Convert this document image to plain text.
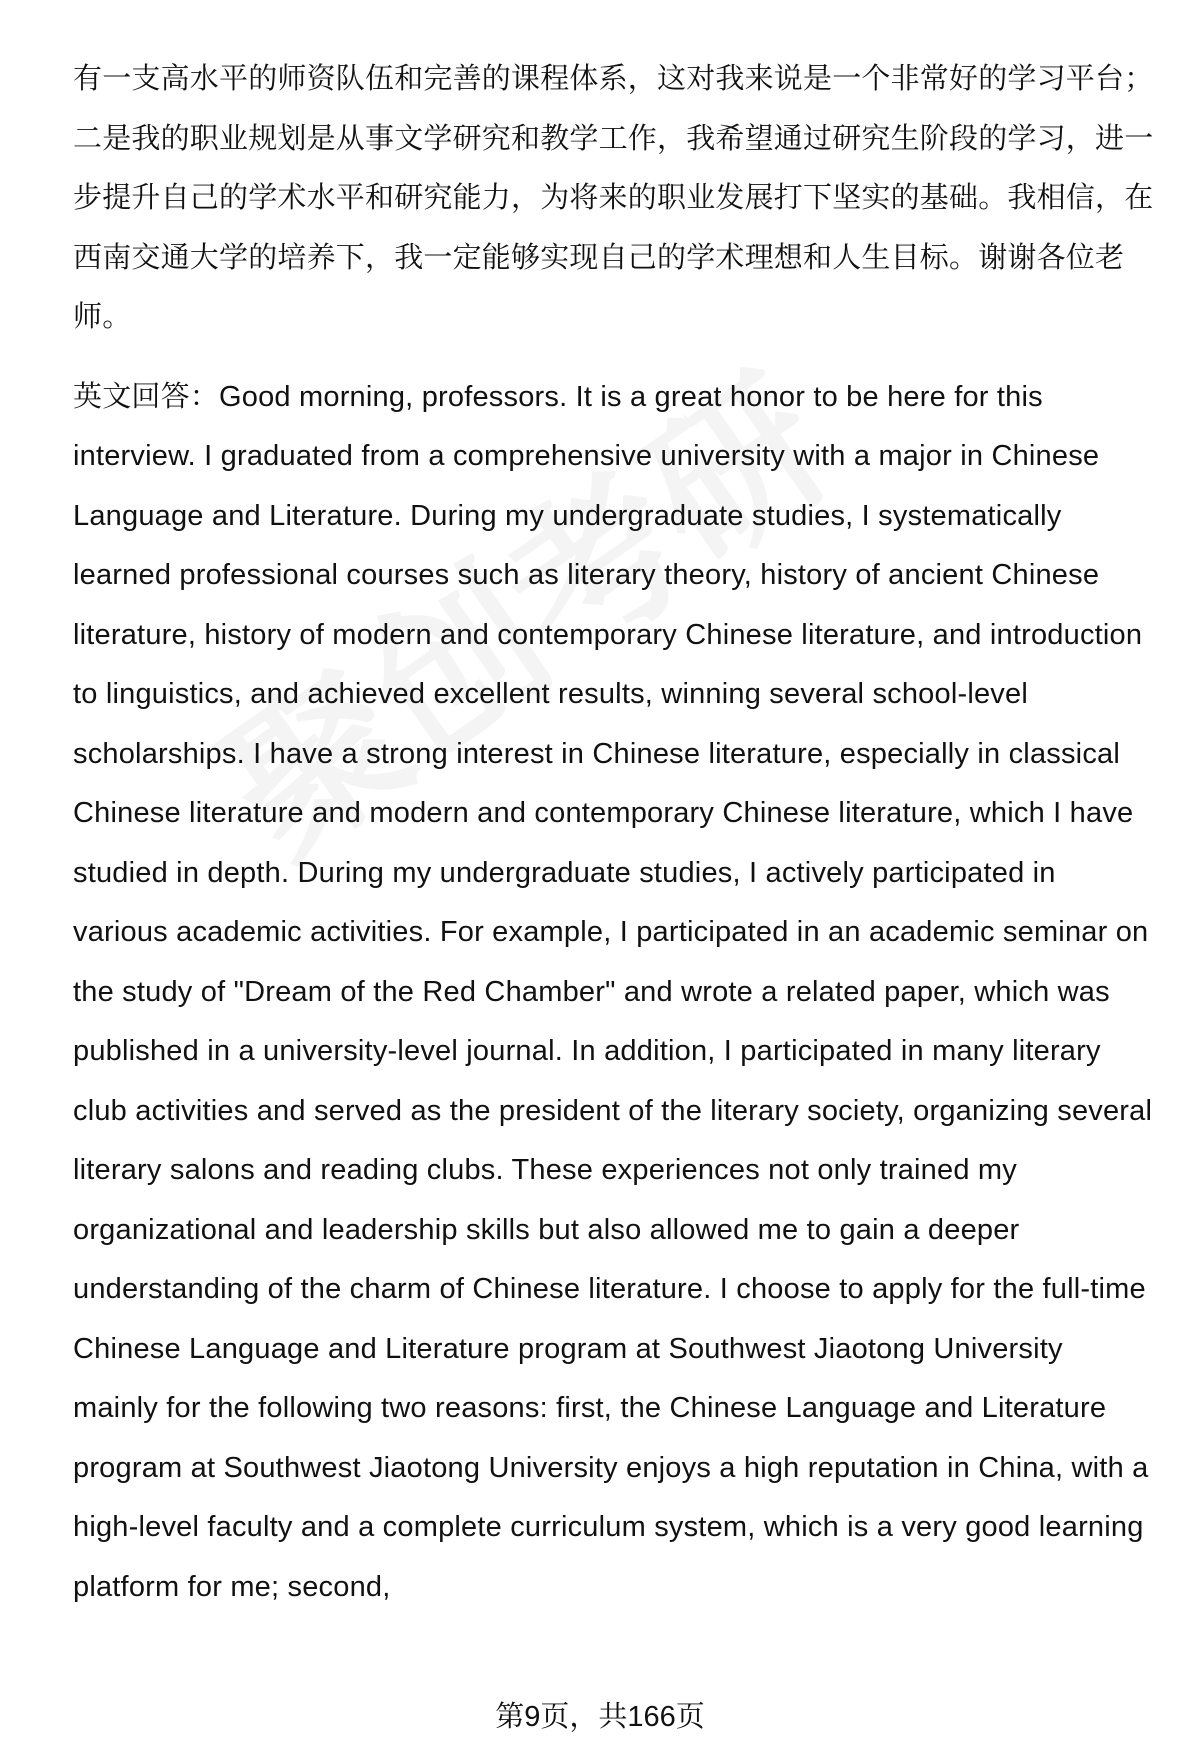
有一支高水平的师资队伍和完善的课程体系，这对我来说是一个非常好的学习平台；二是我的职业规划是从事文学研究和教学工作，我希望通过研究生阶段的学习，进一步提升自己的学术水平和研究能力，为将来的职业发展打下坚实的基础。我相信，在西南交通大学的培养下，我一定能够实现自己的学术理想和人生目标。谢谢各位老师。

英文回答：Good morning, professors. It is a great honor to be here for this interview. I graduated from a comprehensive university with a major in Chinese Language and Literature. During my undergraduate studies, I systematically learned professional courses such as literary theory, history of ancient Chinese literature, history of modern and contemporary Chinese literature, and introduction to linguistics, and achieved excellent results, winning several school-level scholarships. I have a strong interest in Chinese literature, especially in classical Chinese literature and modern and contemporary Chinese literature, which I have studied in depth. During my undergraduate studies, I actively participated in various academic activities. For example, I participated in an academic seminar on the study of "Dream of the Red Chamber" and wrote a related paper, which was published in a university-level journal. In addition, I participated in many literary club activities and served as the president of the literary society, organizing several literary salons and reading clubs. These experiences not only trained my organizational and leadership skills but also allowed me to gain a deeper understanding of the charm of Chinese literature. I choose to apply for the full-time Chinese Language and Literature program at Southwest Jiaotong University mainly for the following two reasons: first, the Chinese Language and Literature program at Southwest Jiaotong University enjoys a high reputation in China, with a high-level faculty and a complete curriculum system, which is a very good learning platform for me; second,

第9页，共166页
